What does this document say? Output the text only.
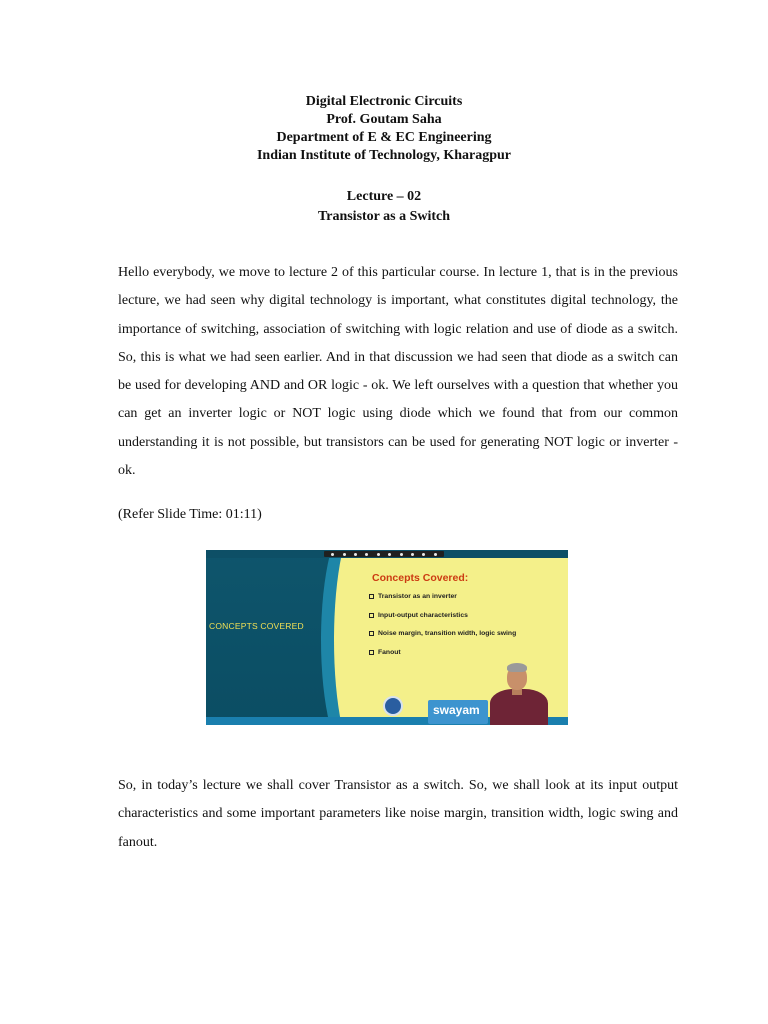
Digital Electronic Circuits
Prof. Goutam Saha
Department of E & EC Engineering
Indian Institute of Technology, Kharagpur
Lecture – 02
Transistor as a Switch

Hello everybody, we move to lecture 2 of this particular course. In lecture 1, that is in the previous lecture, we had seen why digital technology is important, what constitutes digital technology, the importance of switching, association of switching with logic relation and use of diode as a switch. So, this is what we had seen earlier. And in that discussion we had seen that diode as a switch can be used for developing AND and OR logic - ok. We left ourselves with a question that whether you can get an inverter logic or NOT logic using diode which we found that from our common understanding it is not possible, but transistors can be used for generating NOT logic or inverter - ok.

(Refer Slide Time: 01:11)

CONCEPTS COVERED
Concepts Covered:
Transistor as an inverter
Input-output characteristics
Noise margin, transition width, logic swing
Fanout
swayam

So, in today’s lecture we shall cover Transistor as a switch. So, we shall look at its input output characteristics and some important parameters like noise margin, transition width, logic swing and fanout.
